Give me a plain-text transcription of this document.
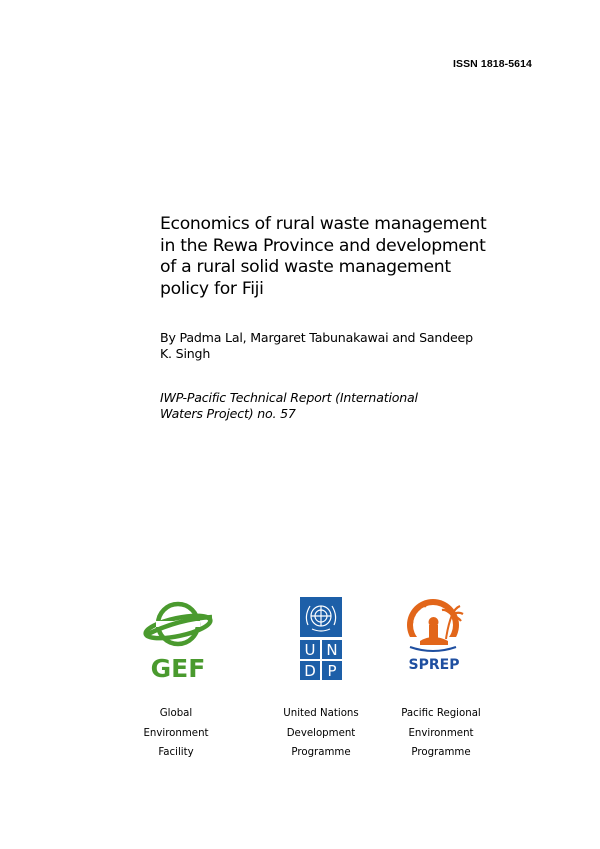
ISSN 1818-5614
Economics of rural waste management
in the Rewa Province and development
of a rural solid waste management
policy for Fiji
By Padma Lal, Margaret Tabunakawai and Sandeep
K. Singh
IWP-Pacific Technical Report (International
Waters Project) no. 57
GEF
U N
D P	SPREP
Global
Environment
Facility
United Nations
Development
Programme
Pacific Regional
Environment
Programme
